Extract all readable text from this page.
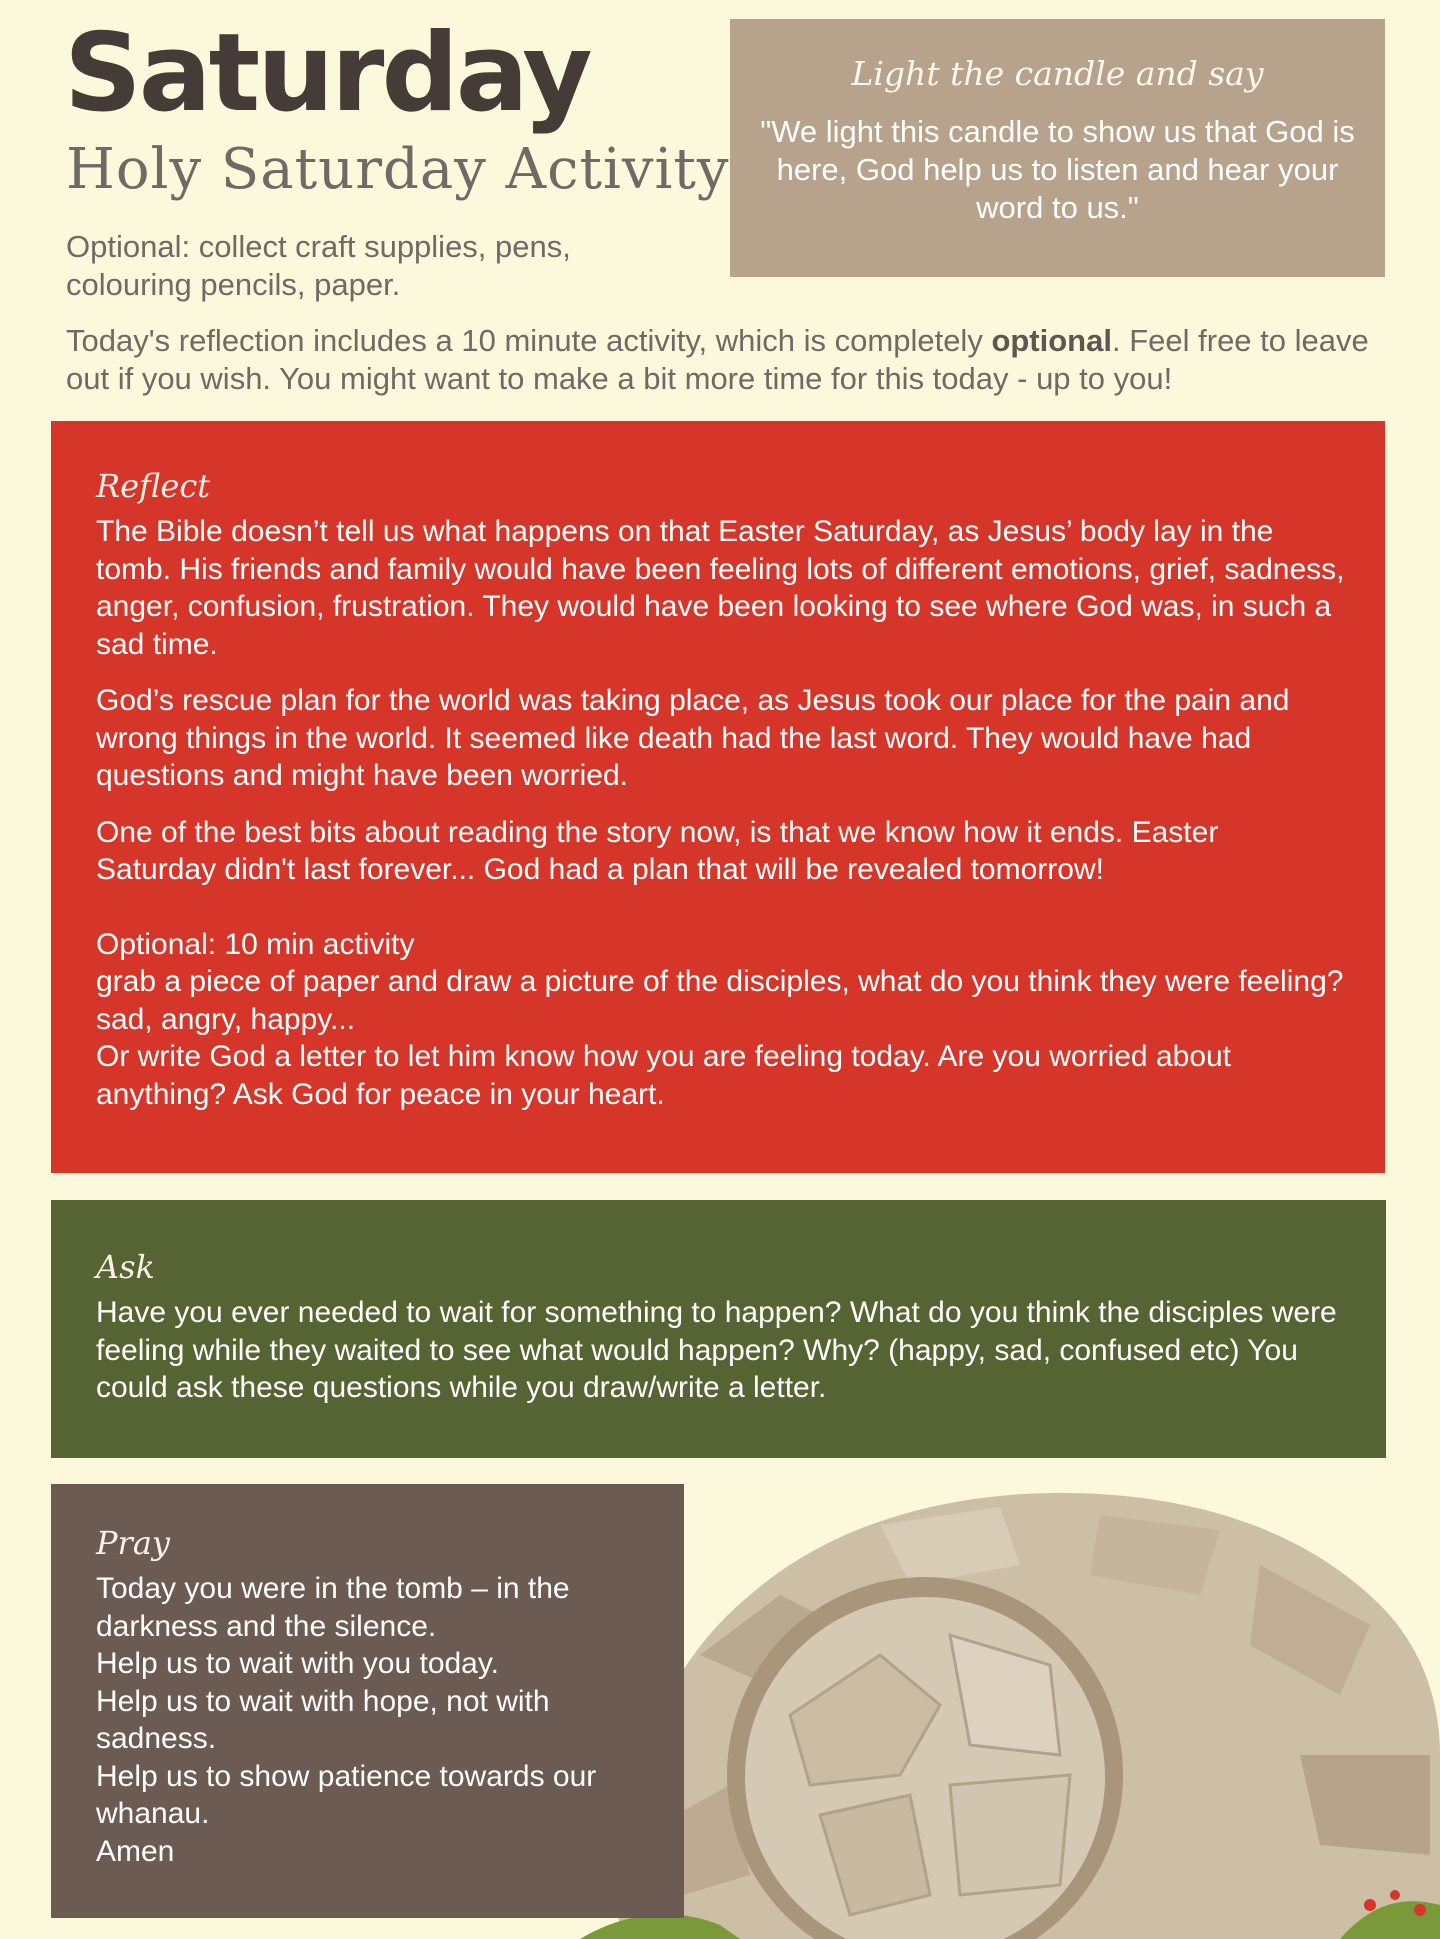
Saturday
Holy Saturday Activity
Optional: collect craft supplies, pens, colouring pencils, paper.
Today's reflection includes a 10 minute activity, which is completely optional. Feel free to leave out if you wish. You might want to make a bit more time for this today - up to you!
Light the candle and say
"We light this candle to show us that God is here, God help us to listen and hear your word to us."
Reflect

The Bible doesn’t tell us what happens on that Easter Saturday, as Jesus’ body lay in the tomb. His friends and family would have been feeling lots of different emotions, grief, sadness, anger, confusion, frustration. They would have been looking to see where God was, in such a sad time.

God’s rescue plan for the world was taking place, as Jesus took our place for the pain and wrong things in the world. It seemed like death had the last word. They would have had questions and might have been worried.

One of the best bits about reading the story now, is that we know how it ends. Easter Saturday didn't last forever... God had a plan that will be revealed tomorrow!

Optional: 10 min activity
grab a piece of paper and draw a picture of the disciples, what do you think they were feeling? sad, angry, happy...
Or write God a letter to let him know how you are feeling today. Are you worried about anything? Ask God for peace in your heart.
Ask

Have you ever needed to wait for something to happen? What do you think the disciples were feeling while they waited to see what would happen? Why? (happy, sad, confused etc) You could ask these questions while you draw/write a letter.

Pray
Today you were in the tomb – in the darkness and the silence.
Help us to wait with you today.
Help us to wait with hope, not with sadness.
Help us to show patience towards our whanau.
Amen
